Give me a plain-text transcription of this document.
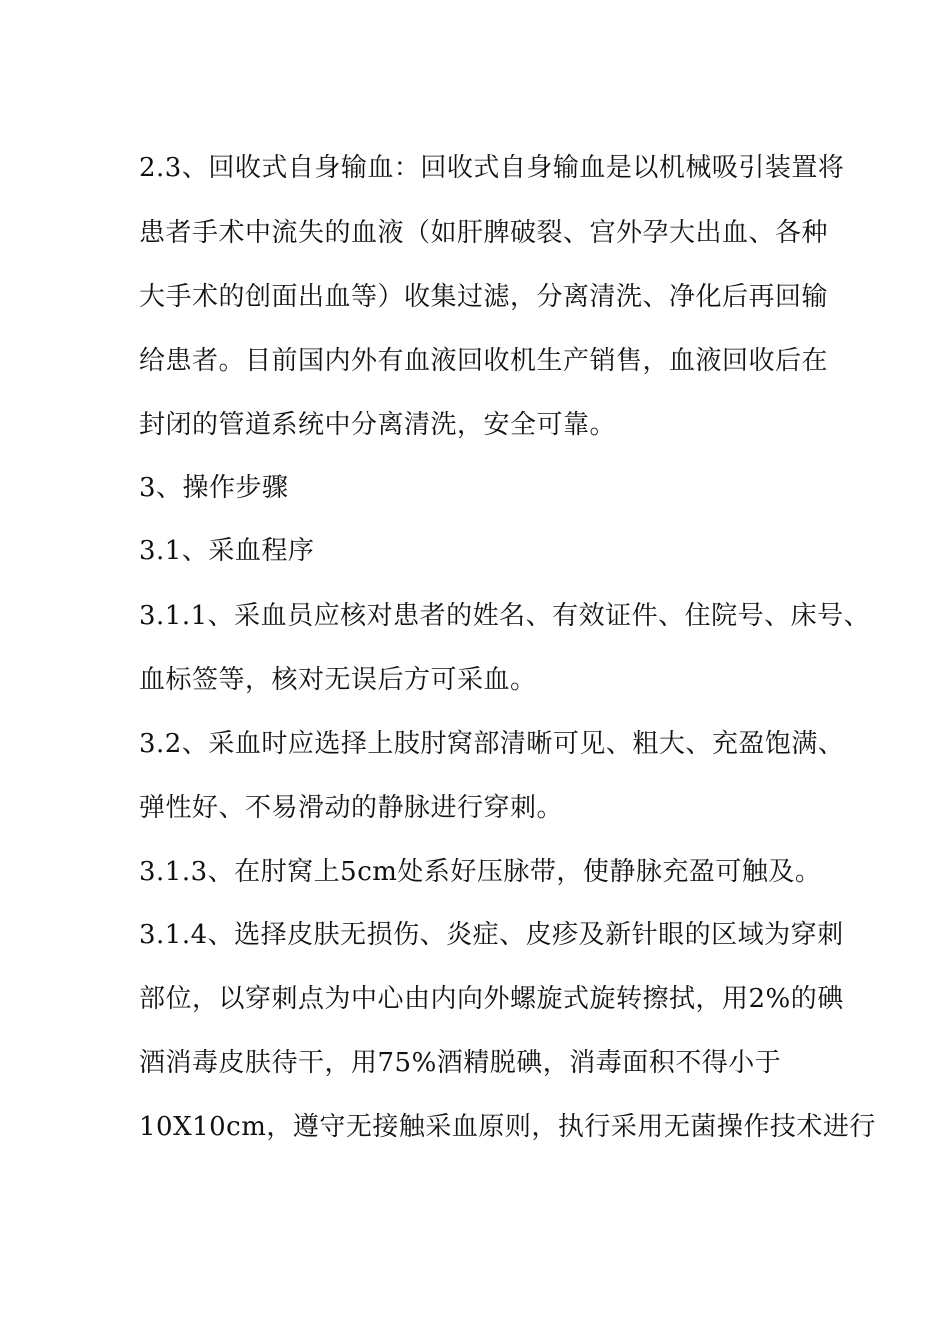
2.3、回收式自身输血：回收式自身输血是以机械吸引装置将
患者手术中流失的血液（如肝脾破裂、宫外孕大出血、各种
大手术的创面出血等）收集过滤，分离清洗、净化后再回输
给患者。目前国内外有血液回收机生产销售，血液回收后在
封闭的管道系统中分离清洗，安全可靠。
3、操作步骤
3.1、采血程序
3.1.1、采血员应核对患者的姓名、有效证件、住院号、床号、
血标签等，核对无误后方可采血。
3.2、采血时应选择上肢肘窝部清晰可见、粗大、充盈饱满、
弹性好、不易滑动的静脉进行穿刺。
3.1.3、在肘窝上5cm处系好压脉带，使静脉充盈可触及。
3.1.4、选择皮肤无损伤、炎症、皮疹及新针眼的区域为穿刺
部位，以穿刺点为中心由内向外螺旋式旋转擦拭，用2%的碘
酒消毒皮肤待干，用75%酒精脱碘，消毒面积不得小于
10X10cm，遵守无接触采血原则，执行采用无菌操作技术进行
